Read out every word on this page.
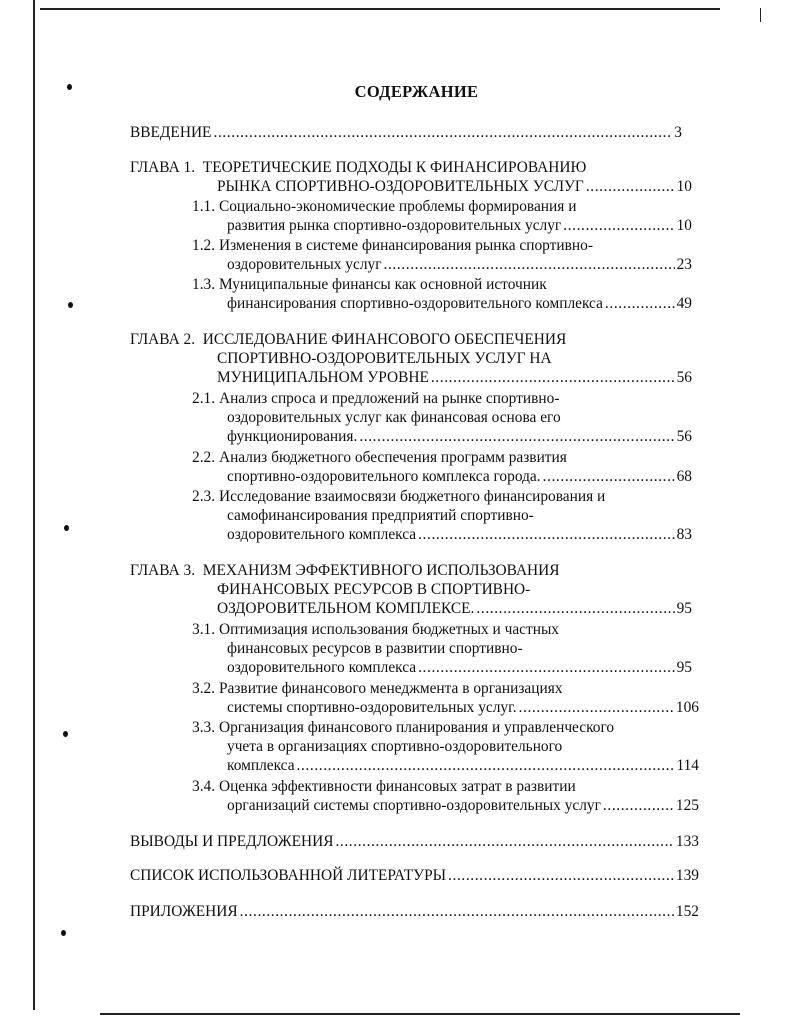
СОДЕРЖАНИЕ
ВВЕДЕНИЕ .....	3
ГЛАВА 1. ТЕОРЕТИЧЕСКИЕ ПОДХОДЫ К ФИНАНСИРОВАНИЮ
РЫНКА СПОРТИВНО-ОЗДОРОВИТЕЛЬНЫХ УСЛУГ .....	10
1.1. Социально-экономические проблемы формирования и
развития рынка спортивно-оздоровительных услуг .....	10
1.2. Изменения в системе финансирования рынка спортивно-
оздоровительных услуг .....	23
1.3. Муниципальные финансы как основной источник
финансирования спортивно-оздоровительного комплекса .....	49
ГЛАВА 2. ИССЛЕДОВАНИЕ ФИНАНСОВОГО ОБЕСПЕЧЕНИЯ
СПОРТИВНО-ОЗДОРОВИТЕЛЬНЫХ УСЛУГ НА
МУНИЦИПАЛЬНОМ УРОВНЕ .....	56
2.1. Анализ спроса и предложений на рынке спортивно-
оздоровительных услуг как финансовая основа его
функционирования. .....	56
2.2. Анализ бюджетного обеспечения программ развития
спортивно-оздоровительного комплекса города. .....	68
2.3. Исследование взаимосвязи бюджетного финансирования и
самофинансирования предприятий спортивно-
оздоровительного комплекса .....	83
ГЛАВА 3. МЕХАНИЗМ ЭФФЕКТИВНОГО ИСПОЛЬЗОВАНИЯ
ФИНАНСОВЫХ РЕСУРСОВ В СПОРТИВНО-
ОЗДОРОВИТЕЛЬНОМ КОМПЛЕКСЕ. .....	95
3.1. Оптимизация использования бюджетных и частных
финансовых ресурсов в развитии спортивно-
оздоровительного комплекса .....	95
3.2. Развитие финансового менеджмента в организациях
системы спортивно-оздоровительных услуг. .....	106
3.3. Организация финансового планирования и управленческого
учета в организациях спортивно-оздоровительного
комплекса .....	114
3.4. Оценка эффективности финансовых затрат в развитии
организаций системы спортивно-оздоровительных услуг .....	125
ВЫВОДЫ И ПРЕДЛОЖЕНИЯ .....	133
СПИСОК ИСПОЛЬЗОВАННОЙ ЛИТЕРАТУРЫ .....	139
ПРИЛОЖЕНИЯ .....	152
